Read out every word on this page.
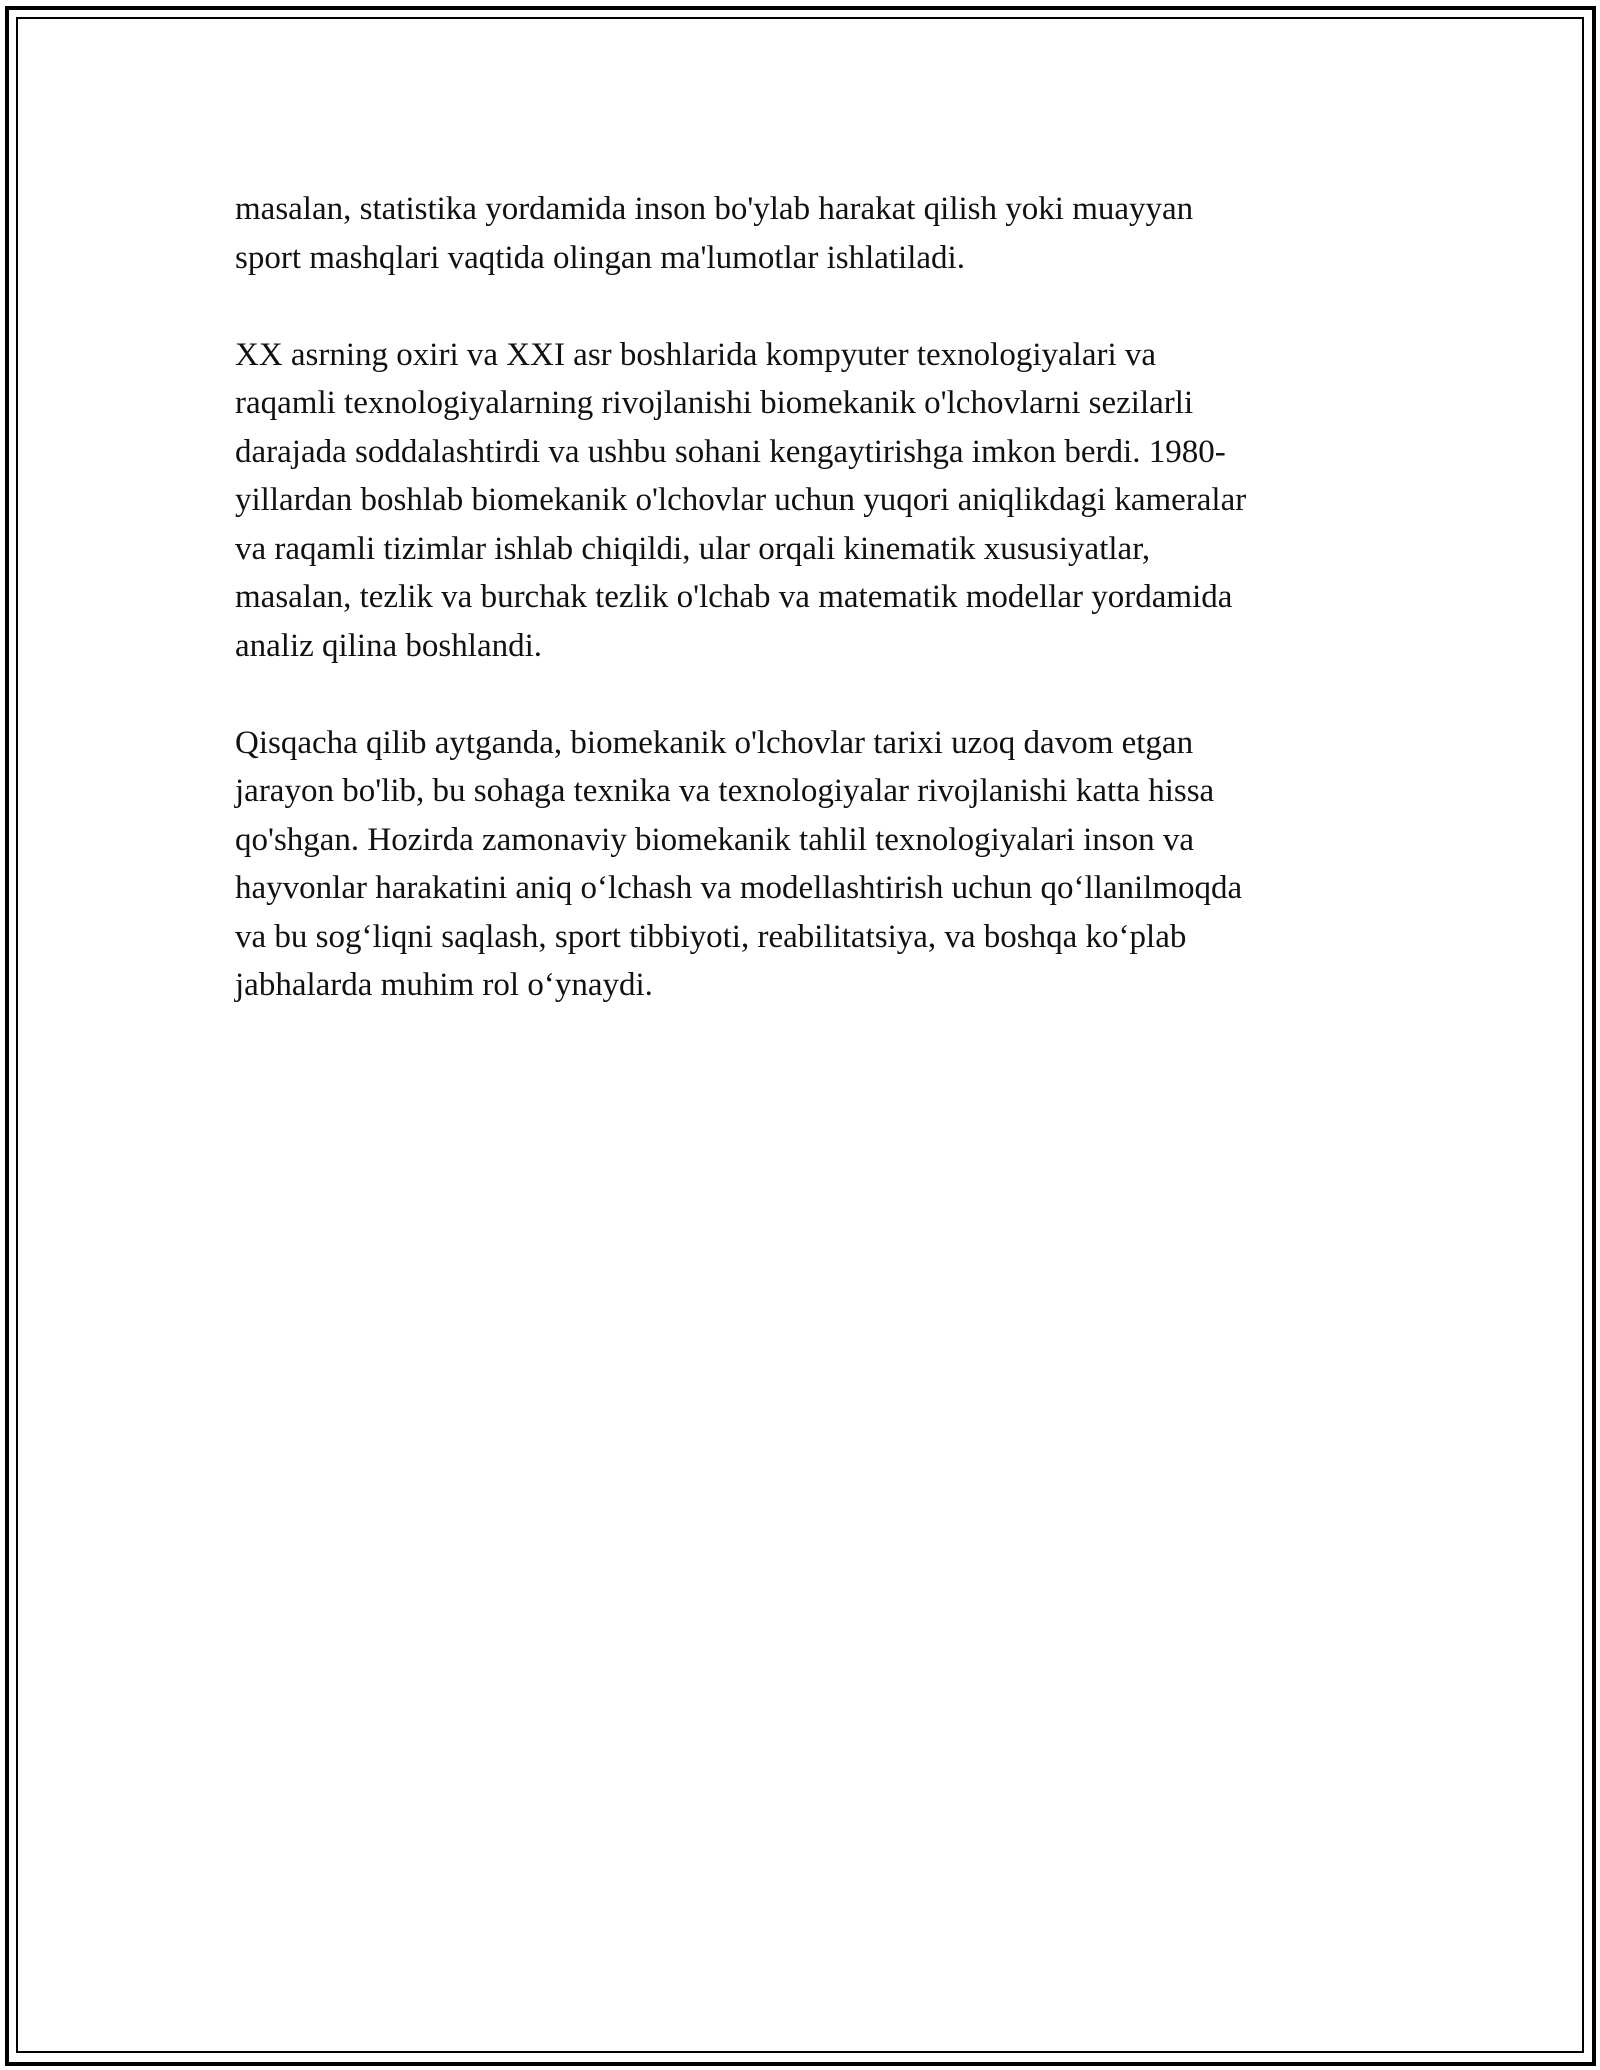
masalan, statistika yordamida inson bo'ylab harakat qilish yoki muayyan
sport mashqlari vaqtida olingan ma'lumotlar ishlatiladi.

XX asrning oxiri va XXI asr boshlarida kompyuter texnologiyalari va
raqamli texnologiyalarning rivojlanishi biomekanik o'lchovlarni sezilarli
darajada soddalashtirdi va ushbu sohani kengaytirishga imkon berdi. 1980-
yillardan boshlab biomekanik o'lchovlar uchun yuqori aniqlikdagi kameralar
va raqamli tizimlar ishlab chiqildi, ular orqali kinematik xususiyatlar,
masalan, tezlik va burchak tezlik o'lchab va matematik modellar yordamida
analiz qilina boshlandi.

Qisqacha qilib aytganda, biomekanik o'lchovlar tarixi uzoq davom etgan
jarayon bo'lib, bu sohaga texnika va texnologiyalar rivojlanishi katta hissa
qo'shgan. Hozirda zamonaviy biomekanik tahlil texnologiyalari inson va
hayvonlar harakatini aniq o‘lchash va modellashtirish uchun qo‘llanilmoqda
va bu sog‘liqni saqlash, sport tibbiyoti, reabilitatsiya, va boshqa ko‘plab
jabhalarda muhim rol o‘ynaydi.
